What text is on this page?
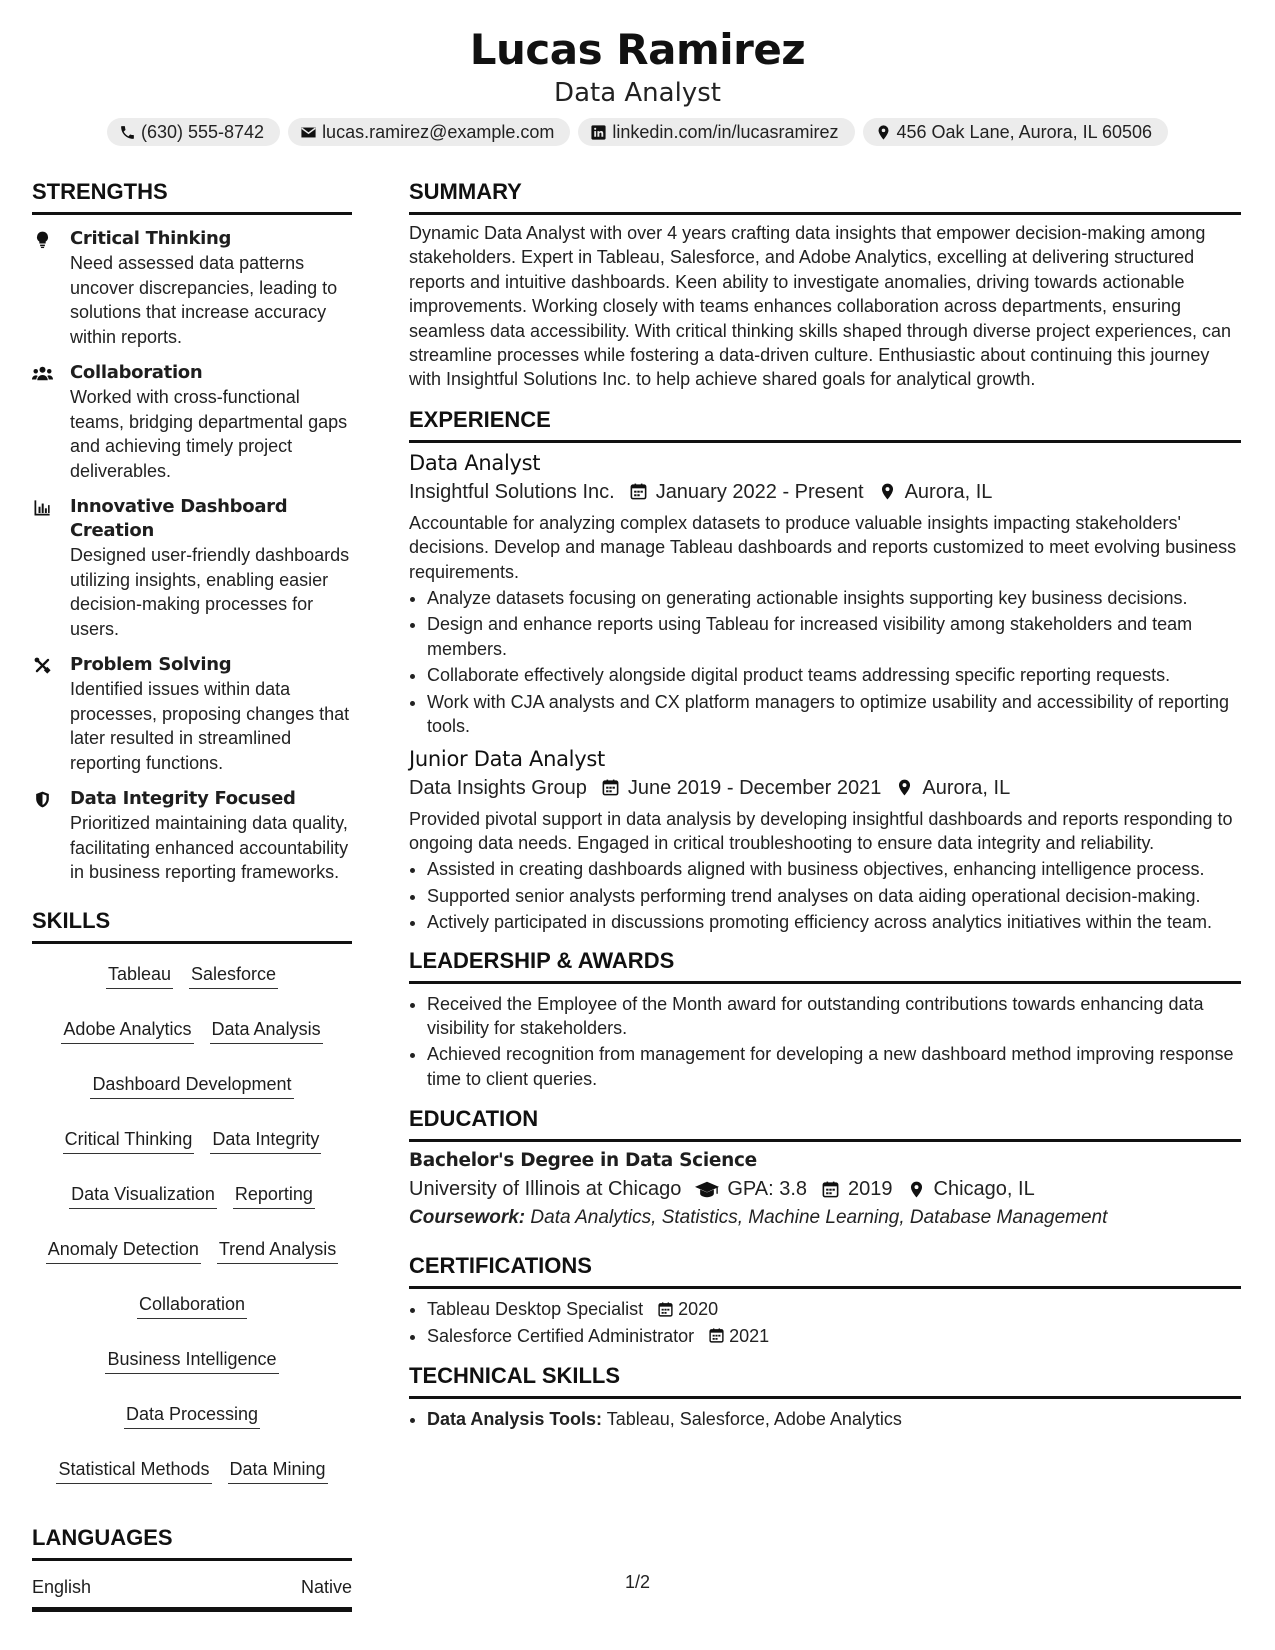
Lucas Ramirez
Data Analyst
(630) 555-8742	lucas.ramirez@example.com	linkedin.com/in/lucasramirez	456 Oak Lane, Aurora, IL 60506
STRENGTHS
Critical Thinking
Need assessed data patterns uncover discrepancies, leading to solutions that increase accuracy within reports.
Collaboration
Worked with cross-functional teams, bridging departmental gaps and achieving timely project deliverables.
Innovative Dashboard Creation
Designed user-friendly dashboards utilizing insights, enabling easier decision-making processes for users.
Problem Solving
Identified issues within data processes, proposing changes that later resulted in streamlined reporting functions.
Data Integrity Focused
Prioritized maintaining data quality, facilitating enhanced accountability in business reporting frameworks.
SKILLS
Tableau Salesforce
Adobe Analytics Data Analysis
Dashboard Development
Critical Thinking Data Integrity
Data Visualization Reporting
Anomaly Detection Trend Analysis
Collaboration
Business Intelligence
Data Processing
Statistical Methods Data Mining
LANGUAGES
English	Native
SUMMARY
Dynamic Data Analyst with over 4 years crafting data insights that empower decision-making among stakeholders. Expert in Tableau, Salesforce, and Adobe Analytics, excelling at delivering structured reports and intuitive dashboards. Keen ability to investigate anomalies, driving towards actionable improvements. Working closely with teams enhances collaboration across departments, ensuring seamless data accessibility. With critical thinking skills shaped through diverse project experiences, can streamline processes while fostering a data-driven culture. Enthusiastic about continuing this journey with Insightful Solutions Inc. to help achieve shared goals for analytical growth.
EXPERIENCE
Data Analyst
Insightful Solutions Inc. January 2022 - Present Aurora, IL
Accountable for analyzing complex datasets to produce valuable insights impacting stakeholders' decisions. Develop and manage Tableau dashboards and reports customized to meet evolving business requirements.
• Analyze datasets focusing on generating actionable insights supporting key business decisions.
• Design and enhance reports using Tableau for increased visibility among stakeholders and team members.
• Collaborate effectively alongside digital product teams addressing specific reporting requests.
• Work with CJA analysts and CX platform managers to optimize usability and accessibility of reporting tools.
Junior Data Analyst
Data Insights Group June 2019 - December 2021 Aurora, IL
Provided pivotal support in data analysis by developing insightful dashboards and reports responding to ongoing data needs. Engaged in critical troubleshooting to ensure data integrity and reliability.
• Assisted in creating dashboards aligned with business objectives, enhancing intelligence process.
• Supported senior analysts performing trend analyses on data aiding operational decision-making.
• Actively participated in discussions promoting efficiency across analytics initiatives within the team.
LEADERSHIP & AWARDS
• Received the Employee of the Month award for outstanding contributions towards enhancing data visibility for stakeholders.
• Achieved recognition from management for developing a new dashboard method improving response time to client queries.
EDUCATION
Bachelor's Degree in Data Science
University of Illinois at Chicago GPA: 3.8 2019 Chicago, IL
Coursework: Data Analytics, Statistics, Machine Learning, Database Management
CERTIFICATIONS
• Tableau Desktop Specialist 2020
• Salesforce Certified Administrator 2021
TECHNICAL SKILLS
• Data Analysis Tools: Tableau, Salesforce, Adobe Analytics
1/2
